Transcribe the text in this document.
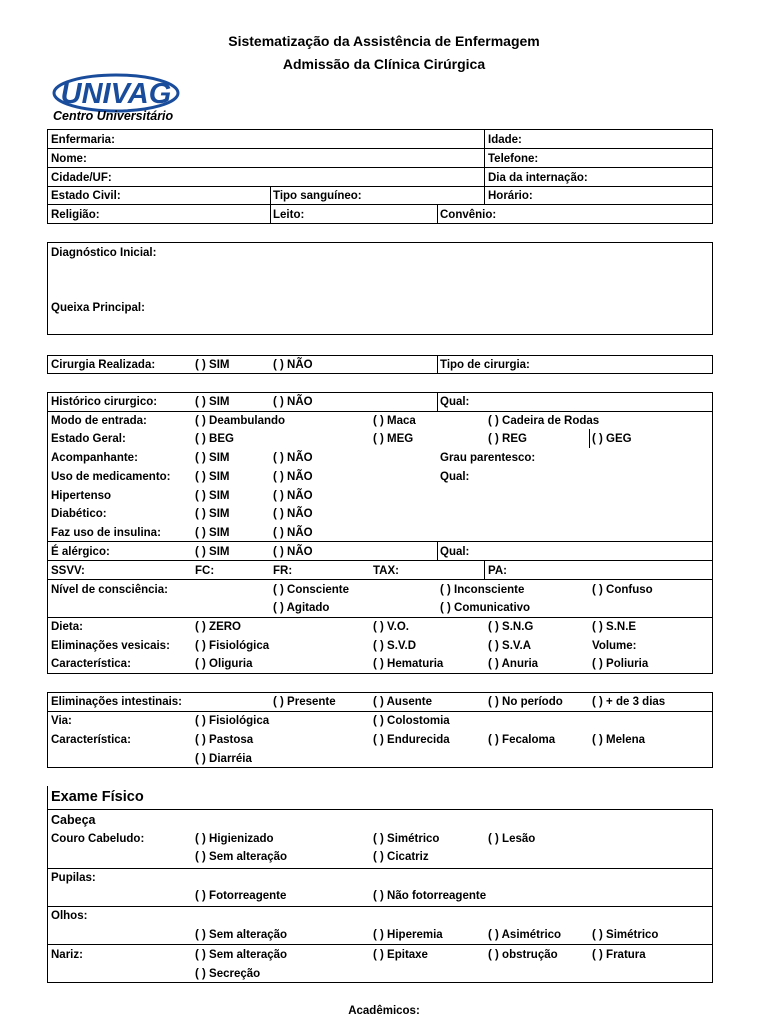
Sistematização da Assistência de Enfermagem
Admissão da Clínica Cirúrgica
UNIVAG
Centro Universitário
Enfermaria:	Idade:
Nome:	Telefone:
Cidade/UF:	Dia da internação:
Estado Civil:	Tipo sanguíneo:	Horário:
Religião:	Leito:	Convênio:
Diagnóstico Inicial:
Queixa Principal:
Cirurgia Realizada:	( ) SIM	( ) NÃO	Tipo de cirurgia:
Histórico cirurgico:	( ) SIM	( ) NÃO	Qual:
Modo de entrada:	( ) Deambulando	( ) Maca	( ) Cadeira de Rodas
Estado Geral:	( ) BEG	( ) MEG	( ) REG	( ) GEG
Acompanhante:	( ) SIM	( ) NÃO	Grau parentesco:
Uso de medicamento: ( ) SIM	( ) NÃO	Qual:
Hipertenso	( ) SIM	( ) NÃO
Diabético:	( ) SIM	( ) NÃO
Faz uso de insulina:	( ) SIM	( ) NÃO
É alérgico:	( ) SIM	( ) NÃO	Qual:
SSVV:	FC:	FR:	TAX:	PA:
Nível de consciência:	( ) Consciente	( ) Inconsciente	( ) Confuso
( ) Agitado	( ) Comunicativo
Dieta:	( ) ZERO	( ) V.O.	( ) S.N.G	( ) S.N.E
Eliminações vesicais: ( ) Fisiológica	( ) S.V.D	( ) S.V.A	Volume:
Característica:	( ) Oliguria	( ) Hematuria	( ) Anuria	( ) Poliuria
Eliminações intestinais:	( ) Presente	( ) Ausente	( ) No período	( ) + de 3 dias
Via:	( ) Fisiológica	( ) Colostomia
Característica:	( ) Pastosa	( ) Endurecida	( ) Fecaloma	( ) Melena
( ) Diarréia
Exame Físico
Cabeça
Couro Cabeludo:	( ) Higienizado	( ) Simétrico	( ) Lesão
( ) Sem alteração	( ) Cicatriz
Pupilas:
( ) Fotorreagente	( ) Não fotorreagente
Olhos:
( ) Sem alteração	( ) Hiperemia	( ) Asimétrico	( ) Simétrico
Nariz:	( ) Sem alteração	( ) Epitaxe	( ) obstrução	( ) Fratura
( ) Secreção
Acadêmicos:
